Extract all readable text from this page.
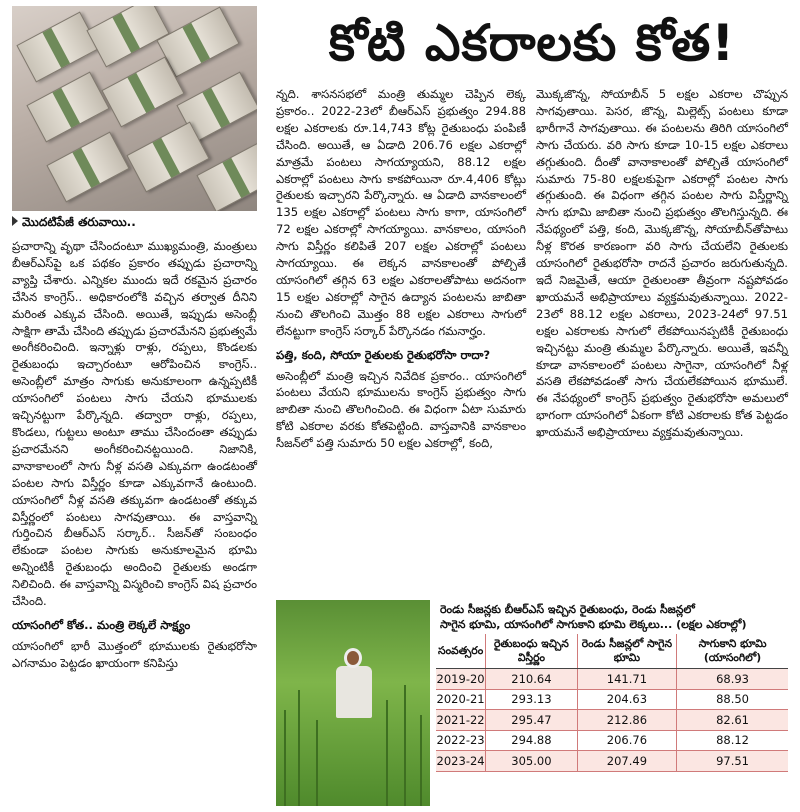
మొదటిపేజీ తరువాయి..
కోటి ఎకరాలకు కోత!

ప్రచారాన్ని వృథా చేసిందంటూ ముఖ్యమంత్రి, మంత్రులు బీఆర్‌ఎస్‌పై ఒక పథకం ప్రకారం తప్పుడు ప్రచారాన్ని వ్యాప్తి చేశారు. ఎన్నికల ముందు ఇదే రకమైన ప్రచారం చేసిన కాంగ్రెస్.. అధికారంలోకి వచ్చిన తర్వాత దీనిని మరింత ఎక్కువ చేసింది. అయితే, ఇప్పుడు అసెంబ్లీ సాక్షిగా తామే చేసింది తప్పుడు ప్రచారమేనని ప్రభుత్వమే అంగీకరించింది. ఇన్నాళ్లు రాళ్లు, రప్పలు, కొండలకు రైతుబంధు ఇచ్చారంటూ ఆరోపించిన కాంగ్రెస్.. అసెంబ్లీలో మాత్రం సాగుకు అనుకూలంగా ఉన్నప్పటికీ యాసంగిలో పంటలు సాగు చేయని భూములకు ఇచ్చినట్టుగా పేర్కొన్నది. తద్వారా రాళ్లు, రప్పలు, కొండలు, గుట్టలు అంటూ తాము చేసిందంతా తప్పుడు ప్రచారమేనని అంగీకరించినట్టయింది. నిజానికి, వానాకాలంలో సాగు నీళ్ల వసతి ఎక్కువగా ఉండటంతో పంటల సాగు విస్తీర్ణం కూడా ఎక్కువగానే ఉంటుంది. యాసంగిలో నీళ్ల వసతి తక్కువగా ఉండటంతో తక్కువ విస్తీర్ణంలో పంటలు సాగవుతాయి. ఈ వాస్తవాన్ని గుర్తించిన బీఆర్‌ఎస్ సర్కార్.. సీజన్‌తో సంబంధం లేకుండా పంటల సాగుకు అనుకూలమైన భూమి అన్నింటికీ రైతుబంధు అందించి రైతులకు అండగా నిలిచింది. ఈ వాస్తవాన్ని విస్మరించి కాంగ్రెస్ విష ప్రచారం చేసింది.

యాసంగిలో కోత.. మంత్రి లెక్కలే సాక్ష్యం

యాసంగిలో భారీ మొత్తంలో భూములకు రైతుభరోసా ఎగనామం పెట్టడం ఖాయంగా కనిపిస్తు

న్నది. శాసనసభలో మంత్రి తుమ్మల చెప్పిన లెక్క ప్రకారం.. 2022-23లో బీఆర్‌ఎస్ ప్రభుత్వం 294.88 లక్షల ఎకరాలకు రూ.14,743 కోట్ల రైతుబంధు పంపిణీ చేసింది. అయితే, ఆ ఏడాది 206.76 లక్షల ఎకరాల్లో మాత్రమే పంటలు సాగయ్యాయని, 88.12 లక్షల ఎకరాల్లో పంటలు సాగు కాకపోయినా రూ.4,406 కోట్లు రైతులకు ఇచ్చారని పేర్కొన్నారు. ఆ ఏడాది వానకాలంలో 135 లక్షల ఎకరాల్లో పంటలు సాగు కాగా, యాసంగిలో 72 లక్షల ఎకరాల్లో సాగయ్యాయి. వానకాలం, యాసంగి సాగు విస్తీర్ణం కలిపితే 207 లక్షల ఎకరాల్లో పంటలు సాగయ్యాయి. ఈ లెక్కన వానకాలంతో పోల్చితే యాసంగిలో తగ్గిన 63 లక్షల ఎకరాలతోపాటు అదనంగా 15 లక్షల ఎకరాల్లో సాగైన ఉద్యాన పంటలను జాబితా నుంచి తొలగించి మొత్తం 88 లక్షల ఎకరాలు సాగులో లేనట్టుగా కాంగ్రెస్ సర్కార్ పేర్కొనడం గమనార్హం.

పత్తి, కంది, సోయా రైతులకు రైతుభరోసా రాదా?

అసెంబ్లీలో మంత్రి ఇచ్చిన నివేదిక ప్రకారం.. యాసంగిలో పంటలు వేయని భూములను కాంగ్రెస్ ప్రభుత్వం సాగు జాబితా నుంచి తొలగించింది. ఈ విధంగా ఏటా సుమారు కోటి ఎకరాల వరకు కోతపెట్టింది. వాస్తవానికి వానకాలం సీజన్‌లో పత్తి సుమారు 50 లక్షల ఎకరాల్లో, కంది,

మొక్కజొన్న, సోయాబీన్ 5 లక్షల ఎకరాల చొప్పున సాగవుతాయి. పెసర, జొన్న, మిల్లెట్స్ పంటలు కూడా భారీగానే సాగవుతాయి. ఈ పంటలను తిరిగి యాసంగిలో సాగు చేయరు. వరి సాగు కూడా 10-15 లక్షల ఎకరాలు తగ్గుతుంది. దీంతో వానాకాలంతో పోల్చితే యాసంగిలో సుమారు 75-80 లక్షలకుపైగా ఎకరాల్లో పంటల సాగు తగ్గుతుంది. ఈ విధంగా తగ్గిన పంటల సాగు విస్తీర్ణాన్ని సాగు భూమి జాబితా నుంచి ప్రభుత్వం తొలగిస్తున్నది. ఈ నేపథ్యంలో పత్తి, కంది, మొక్కజొన్న, సోయాబీన్‌తోపాటు నీళ్ల కొరత కారణంగా వరి సాగు చేయలేని రైతులకు యాసంగిలో రైతుభరోసా రాదనే ప్రచారం జరుగుతున్నది. ఇదే నిజమైతే, ఆయా రైతులంతా తీవ్రంగా నష్టపోవడం ఖాయమనే అభిప్రాయాలు వ్యక్తమవుతున్నాయి. 2022-23లో 88.12 లక్షల ఎకరాలు, 2023-24లో 97.51 లక్షల ఎకరాలకు సాగులో లేకపోయినప్పటికీ రైతుబంధు ఇచ్చినట్టు మంత్రి తుమ్మల పేర్కొన్నారు. అయితే, ఇవన్నీ కూడా వానకాలంలో పంటలు సాగైనా, యాసంగిలో నీళ్ల వసతి లేకపోవడంతో సాగు చేయలేకపోయిన భూములే. ఈ నేపథ్యంలో కాంగ్రెస్ ప్రభుత్వం రైతుభరోసా అమలులో భాగంగా యాసంగిలో ఏకంగా కోటి ఎకరాలకు కోత పెట్టడం ఖాయమనే అభిప్రాయాలు వ్యక్తమవుతున్నాయి.

రెండు సీజన్లకు బీఆర్‌ఎస్ ఇచ్చిన రైతుబంధు, రెండు సీజన్లలో
సాగైన భూమి, యాసంగిలో సాగుకాని భూమి లెక్కలు... (లక్షల ఎకరాల్లో)
సంవత్సరం	రైతుబంధు ఇచ్చిన విస్తీర్ణం	రెండు సీజన్లలో సాగైన భూమి	సాగుకాని భూమి (యాసంగిలో)
2019-20	210.64	141.71	68.93
2020-21	293.13	204.63	88.50
2021-22	295.47	212.86	82.61
2022-23	294.88	206.76	88.12
2023-24	305.00	207.49	97.51
